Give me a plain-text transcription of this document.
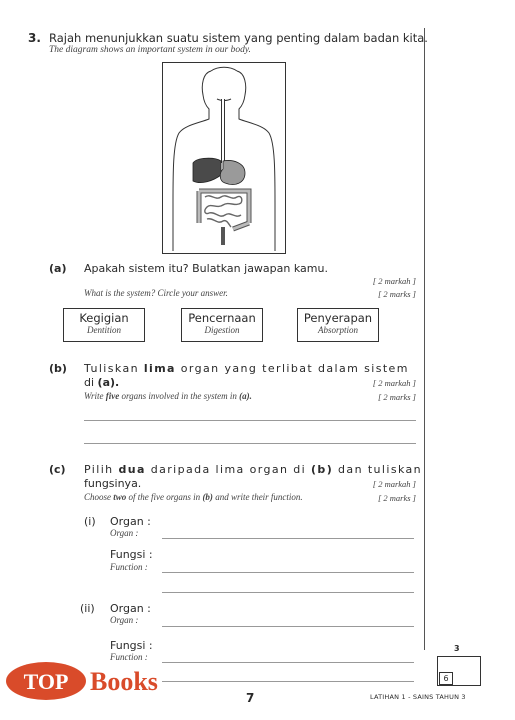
3. Rajah menunjukkan suatu sistem yang penting dalam badan kita.
The diagram shows an important system in our body.
(a) Apakah sistem itu? Bulatkan jawapan kamu.
[ 2 markah ]
What is the system? Circle your answer.	[ 2 marks ]
Kegigian
Dentition
Pencernaan
Digestion
Penyerapan
Absorption
(b) Tuliskan lima organ yang terlibat dalam sistem
di (a).	[ 2 markah ]
Write five organs involved in the system in (a).	[ 2 marks ]
(c) Pilih dua daripada lima organ di (b) dan tuliskan
fungsinya.	[ 2 markah ]
Choose two of the five organs in (b) and write their function.	[ 2 marks ]
(i) Organ :
Organ :
Fungsi :
Function :
(ii) Organ :
Organ :
Fungsi :
Function :
3
6
TOP Books
7	LATIHAN 1 - SAINS TAHUN 3
